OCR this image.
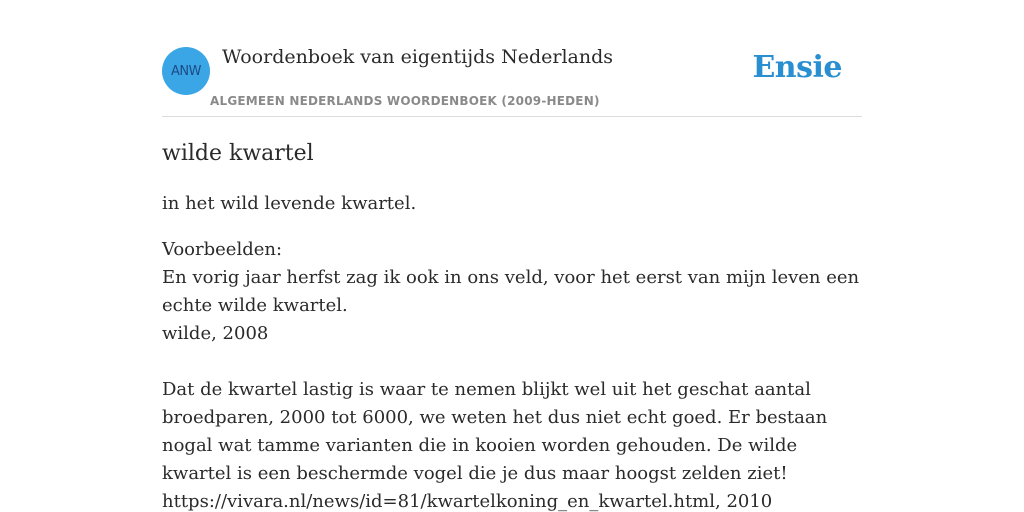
ANW
Woordenboek van eigentijds Nederlands
ALGEMEEN NEDERLANDS WOORDENBOEK (2009-HEDEN)
Ensie
wilde kwartel

in het wild levende kwartel.

Voorbeelden:

En vorig jaar herfst zag ik ook in ons veld, voor het eerst van mijn leven een echte wilde kwartel.

wilde, 2008

Dat de kwartel lastig is waar te nemen blijkt wel uit het geschat aantal broedparen, 2000 tot 6000, we weten het dus niet echt goed. Er bestaan nogal wat tamme varianten die in kooien worden gehouden. De wilde kwartel is een beschermde vogel die je dus maar hoogst zelden ziet!

https://vivara.nl/news/id=81/kwartelkoning_en_kwartel.html, 2010
